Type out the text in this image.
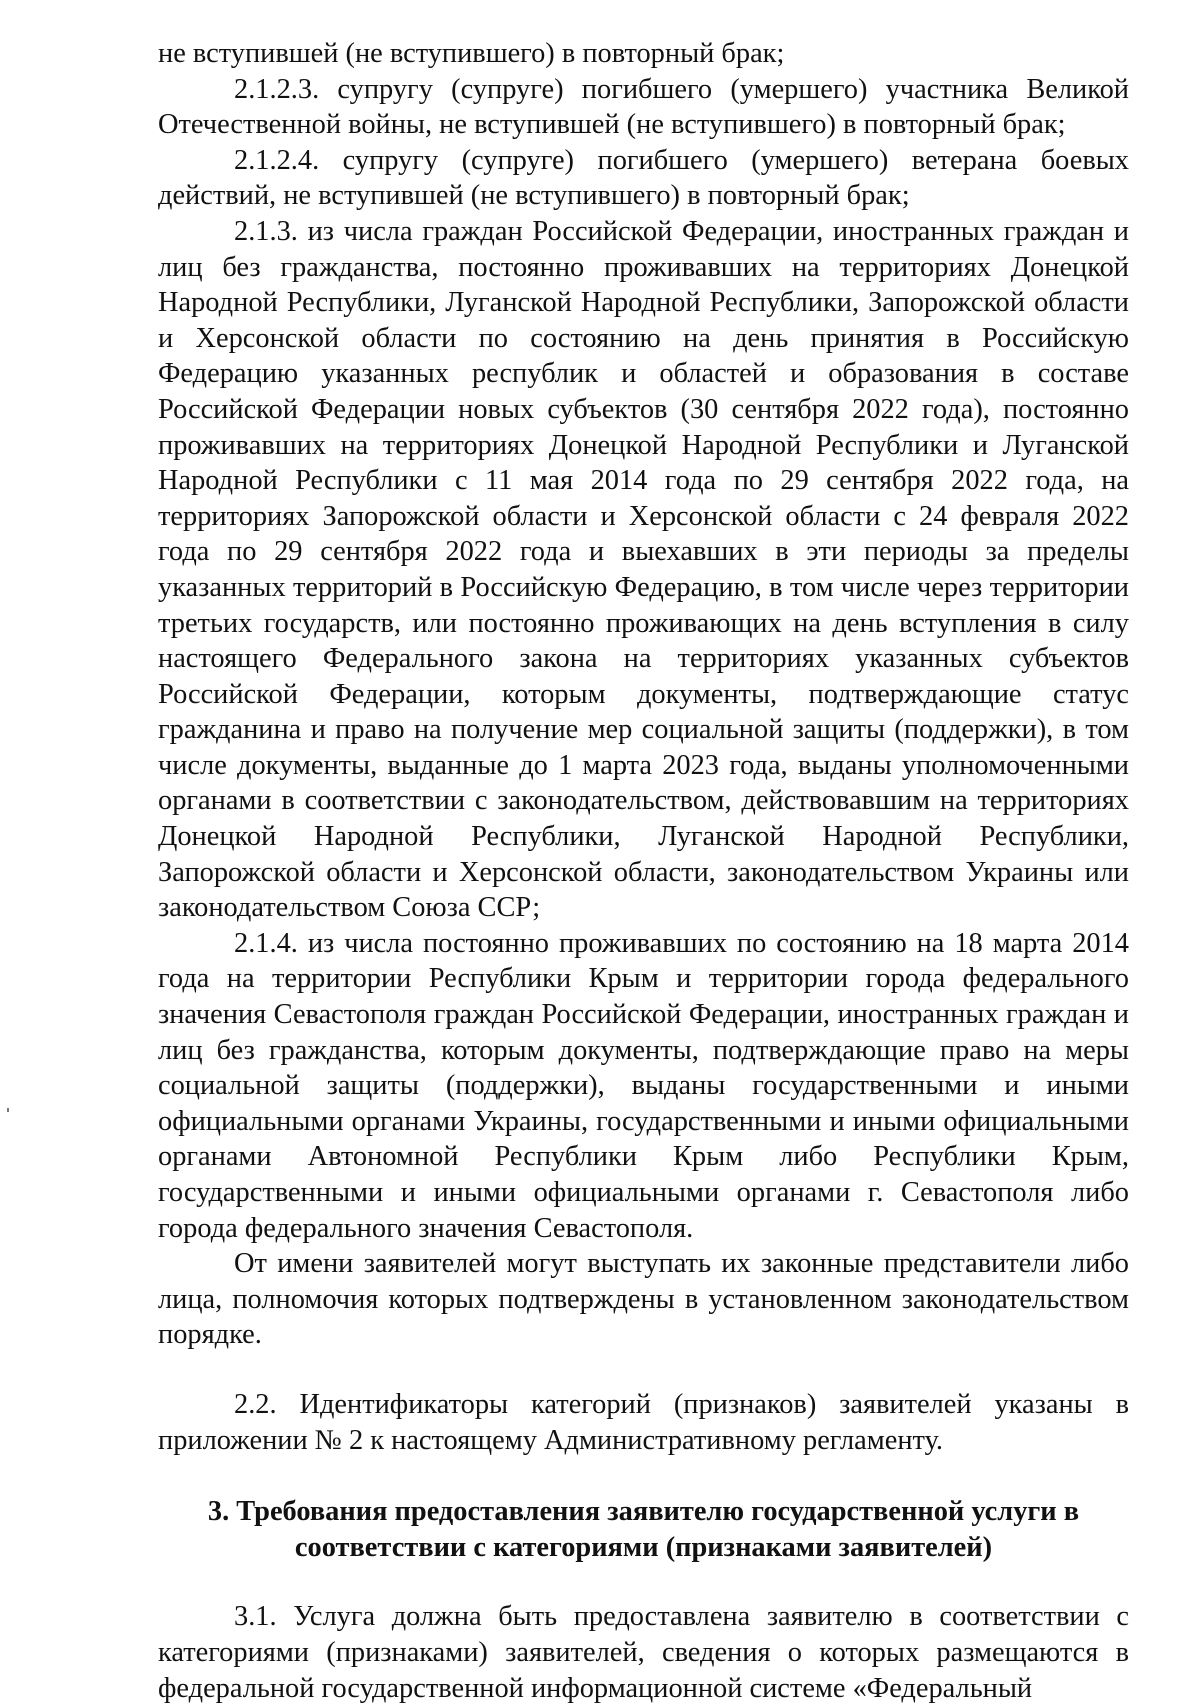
не вступившей (не вступившего) в повторный брак;

2.1.2.3. супругу (супруге) погибшего (умершего) участника Великой Отечественной войны, не вступившей (не вступившего) в повторный брак;

2.1.2.4. супругу (супруге) погибшего (умершего) ветерана боевых действий, не вступившей (не вступившего) в повторный брак;

2.1.3. из числа граждан Российской Федерации, иностранных граждан и лиц без гражданства, постоянно проживавших на территориях Донецкой Народной Республики, Луганской Народной Республики, Запорожской области и Херсонской области по состоянию на день принятия в Российскую Федерацию указанных республик и областей и образования в составе Российской Федерации новых субъектов (30 сентября 2022 года), постоянно проживавших на территориях Донецкой Народной Республики и Луганской Народной Республики с 11 мая 2014 года по 29 сентября 2022 года, на территориях Запорожской области и Херсонской области с 24 февраля 2022 года по 29 сентября 2022 года и выехавших в эти периоды за пределы указанных территорий в Российскую Федерацию, в том числе через территории третьих государств, или постоянно проживающих на день вступления в силу настоящего Федерального закона на территориях указанных субъектов Российской Федерации, которым документы, подтверждающие статус гражданина и право на получение мер социальной защиты (поддержки), в том числе документы, выданные до 1 марта 2023 года, выданы уполномоченными органами в соответствии с законодательством, действовавшим на территориях Донецкой Народной Республики, Луганской Народной Республики, Запорожской области и Херсонской области, законодательством Украины или законодательством Союза ССР;

2.1.4. из числа постоянно проживавших по состоянию на 18 марта 2014 года на территории Республики Крым и территории города федерального значения Севастополя граждан Российской Федерации, иностранных граждан и лиц без гражданства, которым документы, подтверждающие право на меры социальной защиты (поддержки), выданы государственными и иными официальными органами Украины, государственными и иными официальными органами Автономной Республики Крым либо Республики Крым, государственными и иными официальными органами г. Севастополя либо города федерального значения Севастополя.

От имени заявителей могут выступать их законные представители либо лица, полномочия которых подтверждены в установленном законодательством порядке.

2.2. Идентификаторы категорий (признаков) заявителей указаны в приложении № 2 к настоящему Административному регламенту.

3. Требования предоставления заявителю государственной услуги в соответствии с категориями (признаками заявителей)

3.1. Услуга должна быть предоставлена заявителю в соответствии с категориями (признаками) заявителей, сведения о которых размещаются в федеральной государственной информационной системе «Федеральный
